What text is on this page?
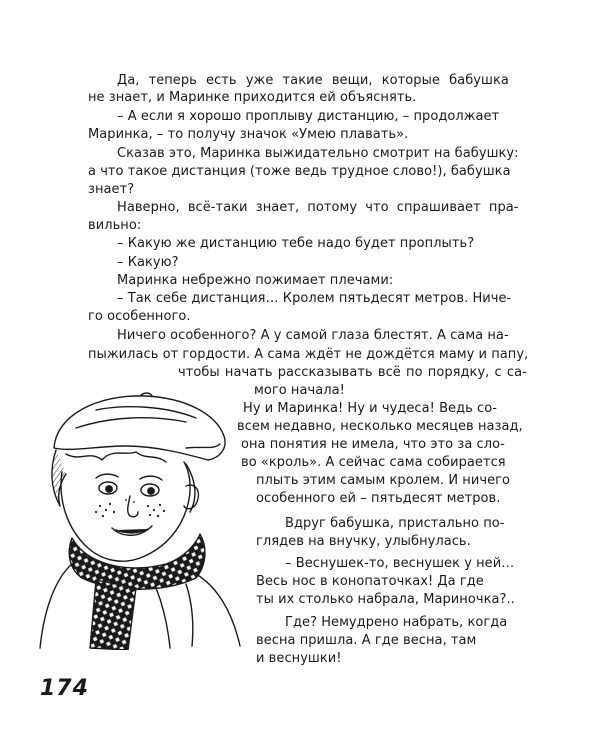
Да, теперь есть уже такие вещи, которые бабушка
не знает, и Маринке приходится ей объяснять.
– А если я хорошо проплыву дистанцию, – продолжает
Маринка, – то получу значок «Умею плавать».
Сказав это, Маринка выжидательно смотрит на бабушку:
а что такое дистанция (тоже ведь трудное слово!), бабушка
знает?
Наверно, всё-таки знает, потому что спрашивает пра-
вильно:
– Какую же дистанцию тебе надо будет проплыть?
– Какую?
Маринка небрежно пожимает плечами:
– Так себе дистанция… Кролем пятьдесят метров. Ниче-
го особенного.
Ничего особенного? А у самой глаза блестят. А сама на-
пыжилась от гордости. А сама ждёт не дождётся маму и папу,
чтобы начать рассказывать всё по порядку, с са-
мого начала!
Ну и Маринка! Ну и чудеса! Ведь со-
всем недавно, несколько месяцев назад,
она понятия не имела, что это за сло-
во «кроль». А сейчас сама собирается
плыть этим самым кролем. И ничего
особенного ей – пятьдесят метров.
Вдруг бабушка, пристально по-
глядев на внучку, улыбнулась.
– Веснушек-то, веснушек у ней…
Весь нос в конопаточках! Да где
ты их столько набрала, Мариночка?..
Где? Немудрено набрать, когда
весна пришла. А где весна, там
и веснушки!
174
